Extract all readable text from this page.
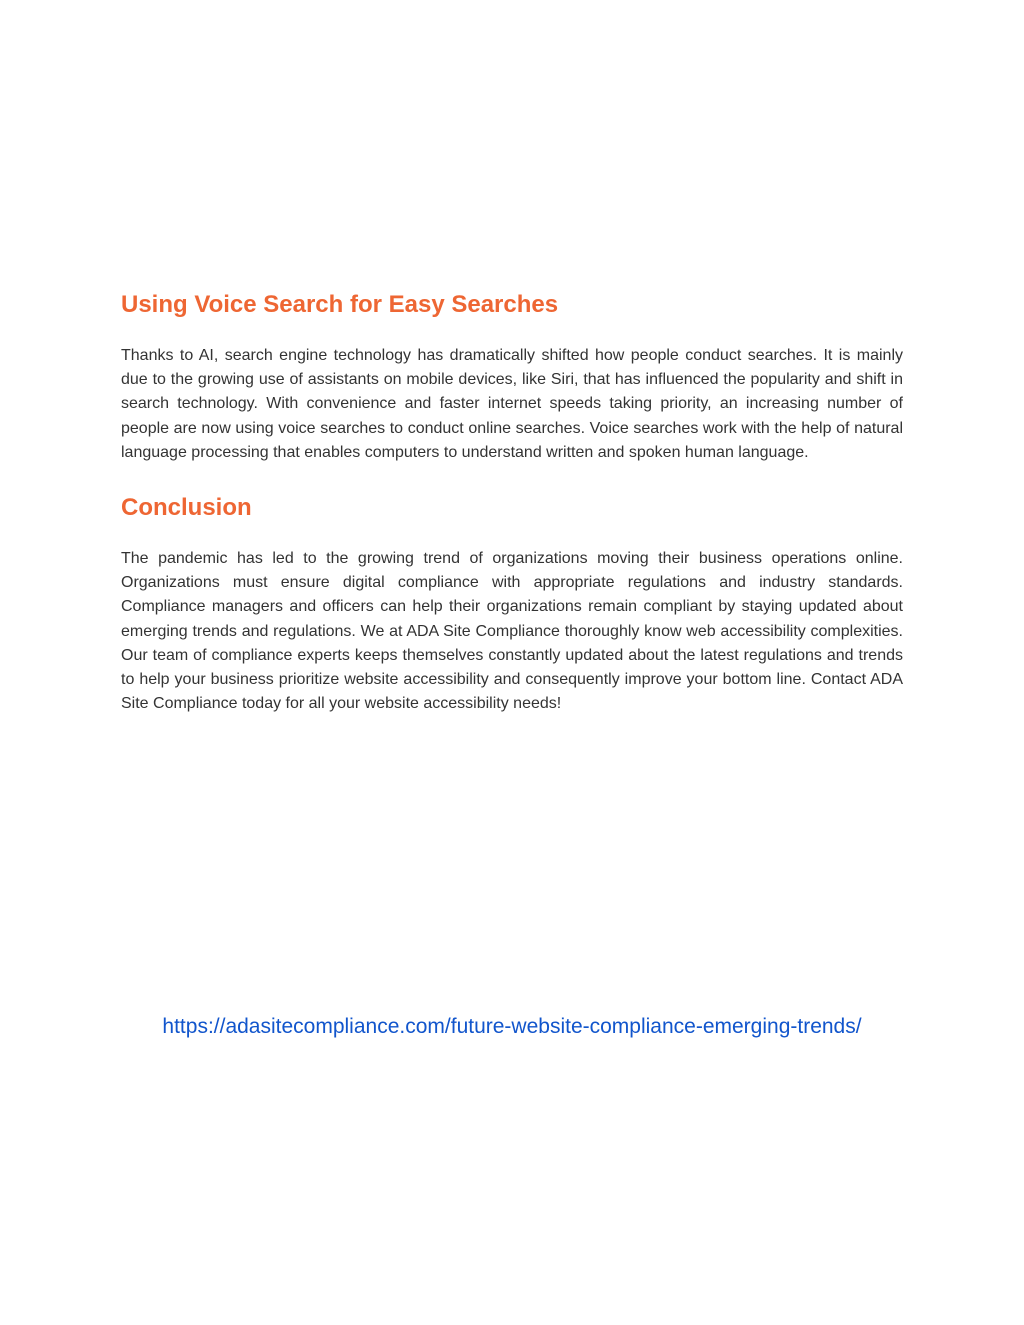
Using Voice Search for Easy Searches

Thanks to AI, search engine technology has dramatically shifted how people conduct searches. It is mainly due to the growing use of assistants on mobile devices, like Siri, that has influenced the popularity and shift in search technology. With convenience and faster internet speeds taking priority, an increasing number of people are now using voice searches to conduct online searches. Voice searches work with the help of natural language processing that enables computers to understand written and spoken human language.

Conclusion

The pandemic has led to the growing trend of organizations moving their business operations online. Organizations must ensure digital compliance with appropriate regulations and industry standards. Compliance managers and officers can help their organizations remain compliant by staying updated about emerging trends and regulations. We at ADA Site Compliance thoroughly know web accessibility complexities. Our team of compliance experts keeps themselves constantly updated about the latest regulations and trends to help your business prioritize website accessibility and consequently improve your bottom line. Contact ADA Site Compliance today for all your website accessibility needs!

https://adasitecompliance.com/future-website-compliance-emerging-trends/
